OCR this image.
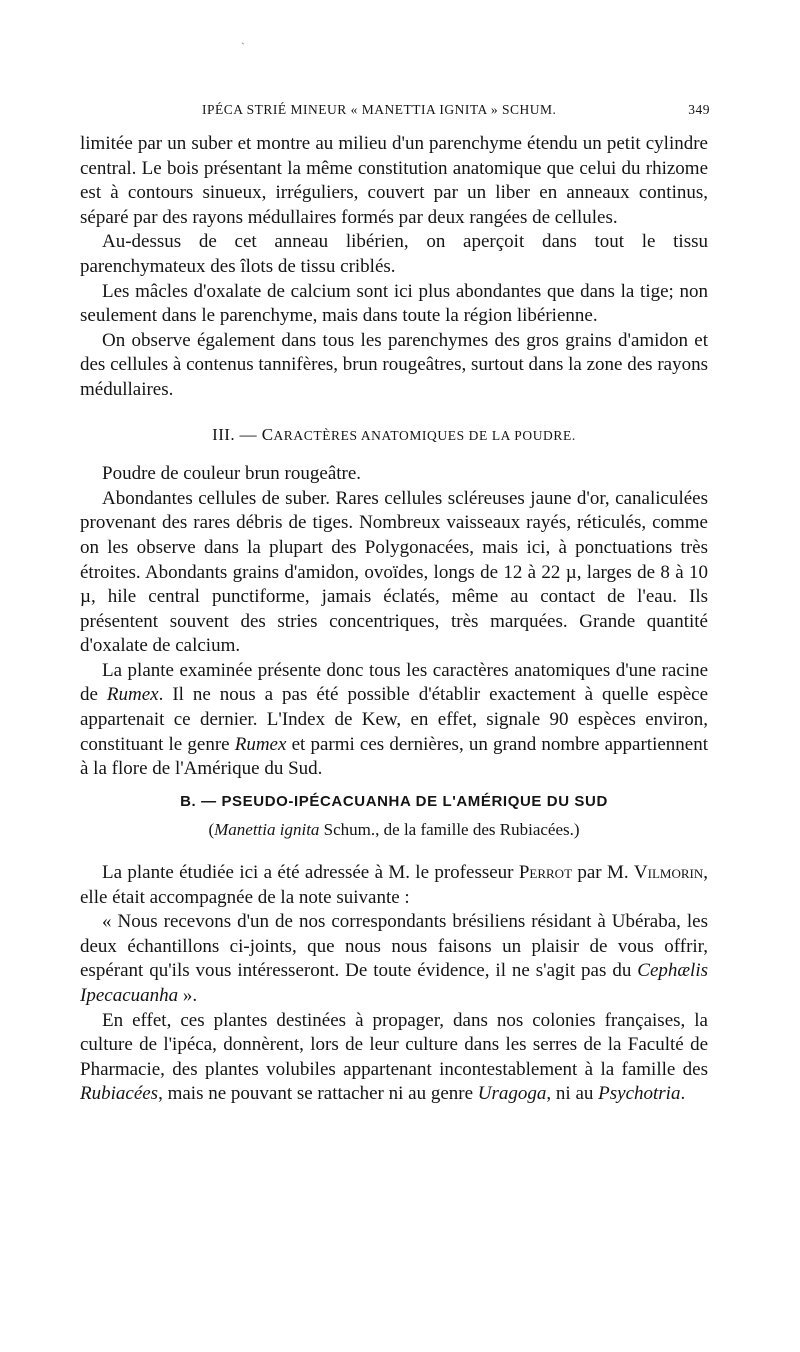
ˋ
IPÉCA STRIÉ MINEUR « MANETTIA IGNITA » SCHUM.	349

limitée par un suber et montre au milieu d'un parenchyme étendu un petit cylindre central. Le bois présentant la même constitution anatomique que celui du rhizome est à contours sinueux, irréguliers, couvert par un liber en anneaux continus, séparé par des rayons médullaires formés par deux rangées de cellules.

Au-dessus de cet anneau libérien, on aperçoit dans tout le tissu parenchymateux des îlots de tissu criblés.

Les mâcles d'oxalate de calcium sont ici plus abondantes que dans la tige; non seulement dans le parenchyme, mais dans toute la région libérienne.

On observe également dans tous les parenchymes des gros grains d'amidon et des cellules à contenus tannifères, brun rougeâtres, surtout dans la zone des rayons médullaires.

III. — CARACTÈRES ANATOMIQUES DE LA POUDRE.

Poudre de couleur brun rougeâtre.

Abondantes cellules de suber. Rares cellules scléreuses jaune d'or, canaliculées provenant des rares débris de tiges. Nombreux vaisseaux rayés, réticulés, comme on les observe dans la plupart des Polygonacées, mais ici, à ponctuations très étroites. Abondants grains d'amidon, ovoïdes, longs de 12 à 22 µ, larges de 8 à 10 µ, hile central punctiforme, jamais éclatés, même au contact de l'eau. Ils présentent souvent des stries concentriques, très marquées. Grande quantité d'oxalate de calcium.

La plante examinée présente donc tous les caractères anatomiques d'une racine de Rumex. Il ne nous a pas été possible d'établir exactement à quelle espèce appartenait ce dernier. L'Index de Kew, en effet, signale 90 espèces environ, constituant le genre Rumex et parmi ces dernières, un grand nombre appartiennent à la flore de l'Amérique du Sud.

B. — PSEUDO-IPÉCACUANHA DE L'AMÉRIQUE DU SUD
(Manettia ignita Schum., de la famille des Rubiacées.)

La plante étudiée ici a été adressée à M. le professeur Perrot par M. Vilmorin, elle était accompagnée de la note suivante :

« Nous recevons d'un de nos correspondants brésiliens résidant à Ubéraba, les deux échantillons ci-joints, que nous nous faisons un plaisir de vous offrir, espérant qu'ils vous intéresseront. De toute évidence, il ne s'agit pas du Cephælis Ipecacuanha ».

En effet, ces plantes destinées à propager, dans nos colonies françaises, la culture de l'ipéca, donnèrent, lors de leur culture dans les serres de la Faculté de Pharmacie, des plantes volubiles appartenant incontestablement à la famille des Rubiacées, mais ne pouvant se rattacher ni au genre Uragoga, ni au Psychotria.
